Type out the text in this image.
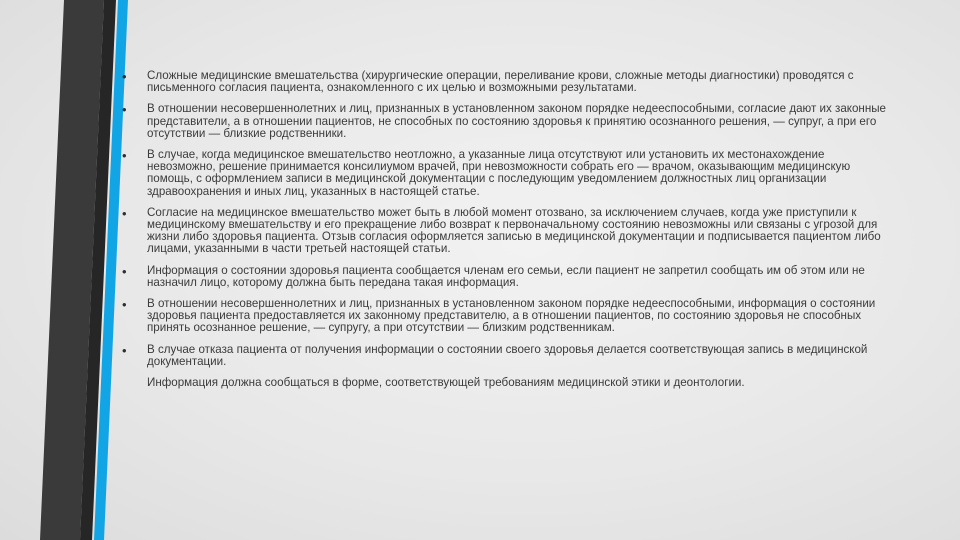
•	Сложные медицинские вмешательства (хирургические операции, переливание крови, сложные методы диагностики) проводятся с письменного согласия пациента, ознакомленного с их целью и возможными результатами.
•	В отношении несовершеннолетних и лиц, признанных в установленном законом порядке недееспособными, согласие дают их законные представители, а в отношении пациентов, не способных по состоянию здоровья к принятию осознанного решения, — супруг, а при его отсутствии — близкие родственники.
•	В случае, когда медицинское вмешательство неотложно, а указанные лица отсутствуют или установить их местонахождение невозможно, решение принимается консилиумом врачей, при невозможности собрать его — врачом, оказывающим медицинскую помощь, с оформлением записи в медицинской документации с последующим уведомлением должностных лиц организации здравоохранения и иных лиц, указанных в настоящей статье.
•	Согласие на медицинское вмешательство может быть в любой момент отозвано, за исключением случаев, когда уже приступили к медицинскому вмешательству и его прекращение либо возврат к первоначальному состоянию невозможны или связаны с угрозой для жизни либо здоровья пациента. Отзыв согласия оформляется записью в медицинской документации и подписывается пациентом либо лицами, указанными в части третьей настоящей статьи.
•	Информация о состоянии здоровья пациента сообщается членам его семьи, если пациент не запретил сообщать им об этом или не назначил лицо, которому должна быть передана такая информация.
•	В отношении несовершеннолетних и лиц, признанных в установленном законом порядке недееспособными, информация о состоянии здоровья пациента предоставляется их законному представителю, а в отношении пациентов, по состоянию здоровья не способных принять осознанное решение, — супругу, а при отсутствии — близким родственникам.
•	В случае отказа пациента от получения информации о состоянии своего здоровья делается соответствующая запись в медицинской документации.
Информация должна сообщаться в форме, соответствующей требованиям медицинской этики и деонтологии.
